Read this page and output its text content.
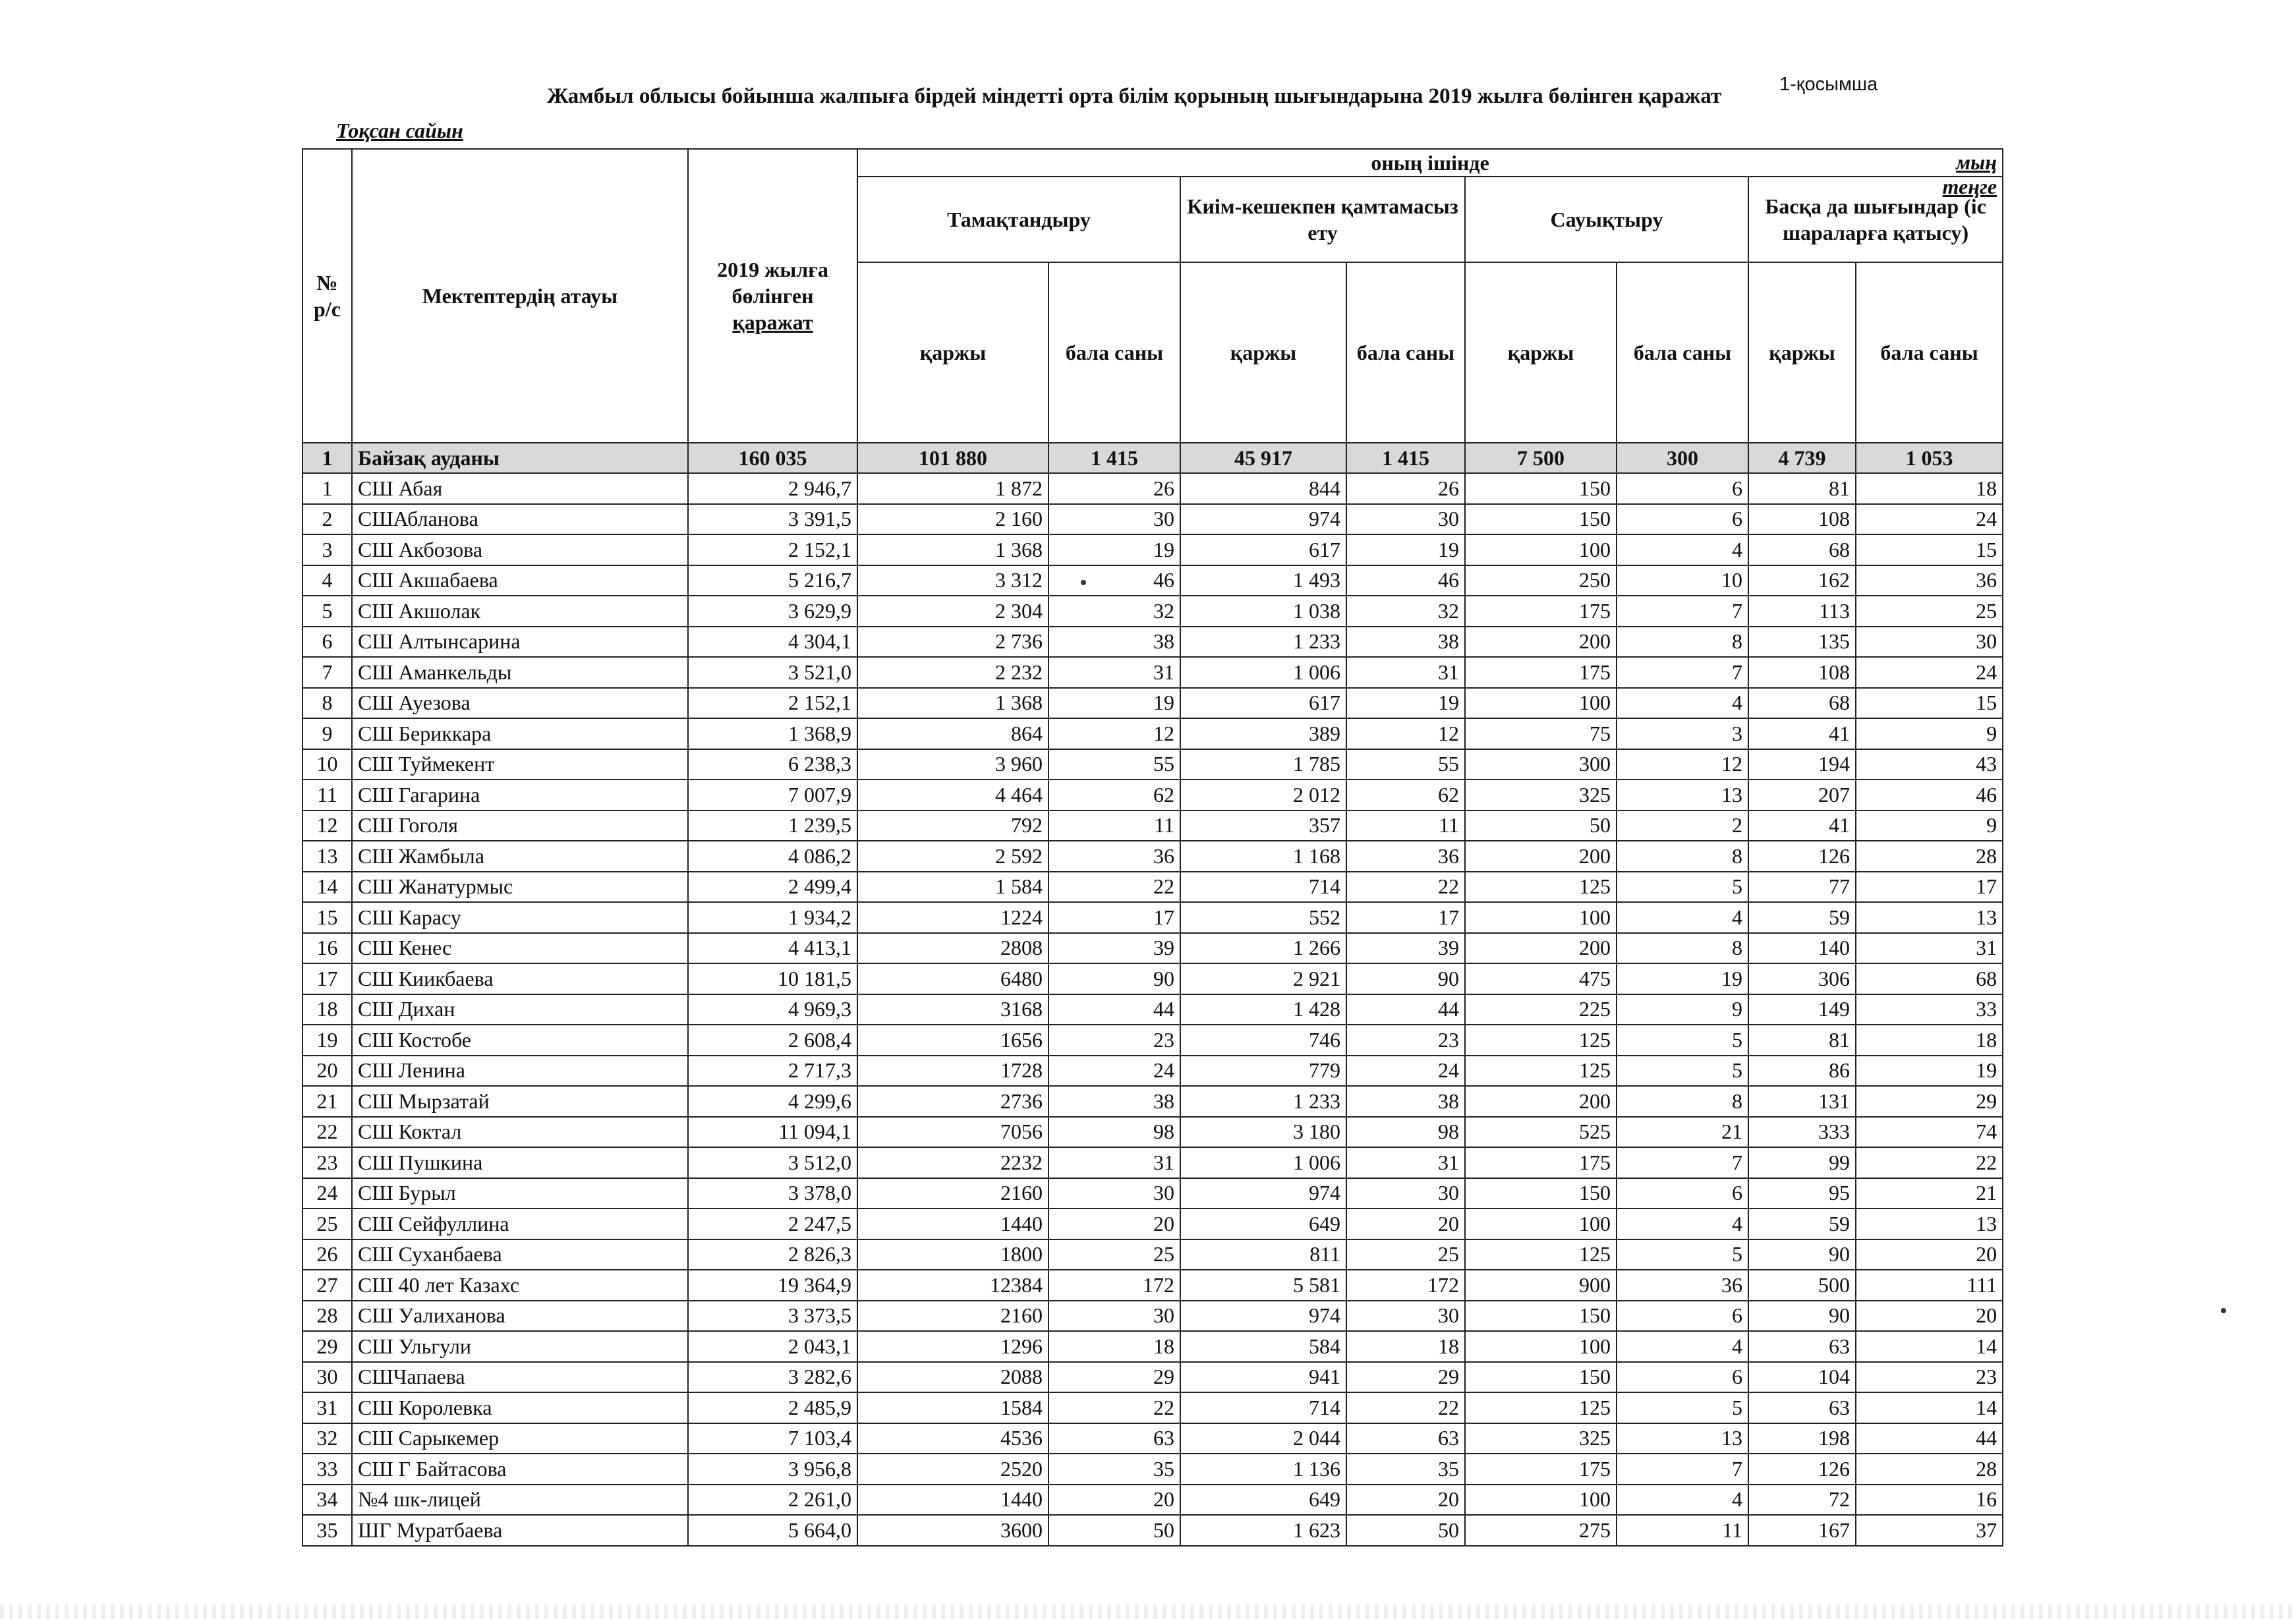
1-қосымша
Жамбыл облысы бойынша жалпыға бірдей міндетті орта білім қорының шығындарына 2019 жылға бөлінген қаражат
Тоқсан сайын
мың теңге
№ р/с	Мектептердің атауы	2019 жылға бөлінген
қаражат	оның ішінде							
			Тамақтандыру		Киім-кешекпен қамтамасыз ету		Сауықтыру		Басқа да шығындар (іс шараларға қатысу)	
			қаржы	бала саны	қаржы	бала саны	қаржы	бала саны	қаржы	бала саны
1	Байзақ ауданы	160 035	101 880	1 415	45 917	1 415	7 500	300	4 739	1 053
1	СШ Абая	2 946,7	1 872	26	844	26	150	6	81	18
2	СШАбланова	3 391,5	2 160	30	974	30	150	6	108	24
3	СШ Акбозова	2 152,1	1 368	19	617	19	100	4	68	15
4	СШ Акшабаева	5 216,7	3 312	46	1 493	46	250	10	162	36
5	СШ Акшолак	3 629,9	2 304	32	1 038	32	175	7	113	25
6	СШ Алтынсарина	4 304,1	2 736	38	1 233	38	200	8	135	30
7	СШ Аманкельды	3 521,0	2 232	31	1 006	31	175	7	108	24
8	СШ Ауезова	2 152,1	1 368	19	617	19	100	4	68	15
9	СШ Бериккара	1 368,9	864	12	389	12	75	3	41	9
10	СШ Туймекент	6 238,3	3 960	55	1 785	55	300	12	194	43
11	СШ Гагарина	7 007,9	4 464	62	2 012	62	325	13	207	46
12	СШ Гоголя	1 239,5	792	11	357	11	50	2	41	9
13	СШ Жамбыла	4 086,2	2 592	36	1 168	36	200	8	126	28
14	СШ Жанатурмыс	2 499,4	1 584	22	714	22	125	5	77	17
15	СШ Карасу	1 934,2	1224	17	552	17	100	4	59	13
16	СШ Кенес	4 413,1	2808	39	1 266	39	200	8	140	31
17	СШ Киикбаева	10 181,5	6480	90	2 921	90	475	19	306	68
18	СШ Дихан	4 969,3	3168	44	1 428	44	225	9	149	33
19	СШ Костобе	2 608,4	1656	23	746	23	125	5	81	18
20	СШ Ленина	2 717,3	1728	24	779	24	125	5	86	19
21	СШ Мырзатай	4 299,6	2736	38	1 233	38	200	8	131	29
22	СШ Коктал	11 094,1	7056	98	3 180	98	525	21	333	74
23	СШ Пушкина	3 512,0	2232	31	1 006	31	175	7	99	22
24	СШ Бурыл	3 378,0	2160	30	974	30	150	6	95	21
25	СШ Сейфуллина	2 247,5	1440	20	649	20	100	4	59	13
26	СШ Суханбаева	2 826,3	1800	25	811	25	125	5	90	20
27	СШ 40 лет Казахс	19 364,9	12384	172	5 581	172	900	36	500	111
28	СШ Уалиханова	3 373,5	2160	30	974	30	150	6	90	20
29	СШ Ульгули	2 043,1	1296	18	584	18	100	4	63	14
30	СШЧапаева	3 282,6	2088	29	941	29	150	6	104	23
31	СШ Королевка	2 485,9	1584	22	714	22	125	5	63	14
32	СШ Сарыкемер	7 103,4	4536	63	2 044	63	325	13	198	44
33	СШ Г Байтасова	3 956,8	2520	35	1 136	35	175	7	126	28
34	№4 шк-лицей	2 261,0	1440	20	649	20	100	4	72	16
35	ШГ Муратбаева	5 664,0	3600	50	1 623	50	275	11	167	37
